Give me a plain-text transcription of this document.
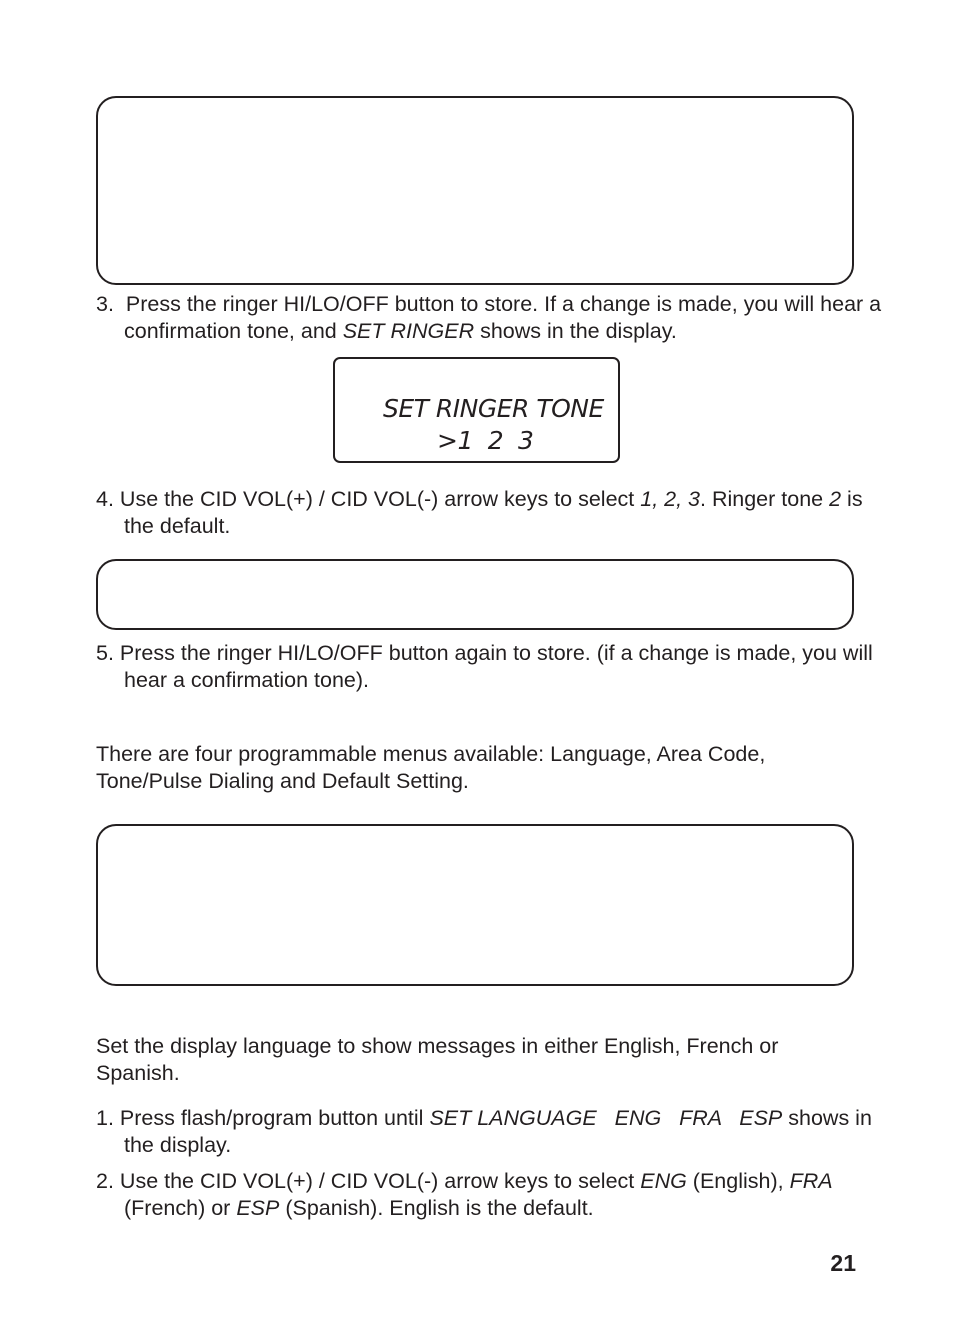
3. Press the ringer HI/LO/OFF button to store. If a change is made, you will hear a confirmation tone, and SET RINGER shows in the display.
SET RINGER TONE
>1  2  3
4. Use the CID VOL(+) / CID VOL(-) arrow keys to select 1, 2, 3. Ringer tone 2 is the default.
5. Press the ringer HI/LO/OFF button again to store. (if a change is made, you will hear a confirmation tone).
There are four programmable menus available: Language, Area Code, Tone/Pulse Dialing and Default Setting.
Set the display language to show messages in either English, French or Spanish.
1. Press flash/program button until SET LANGUAGE   ENG   FRA   ESP shows in the display.
2. Use the CID VOL(+) / CID VOL(-) arrow keys to select ENG (English), FRA (French) or ESP (Spanish). English is the default.
21
